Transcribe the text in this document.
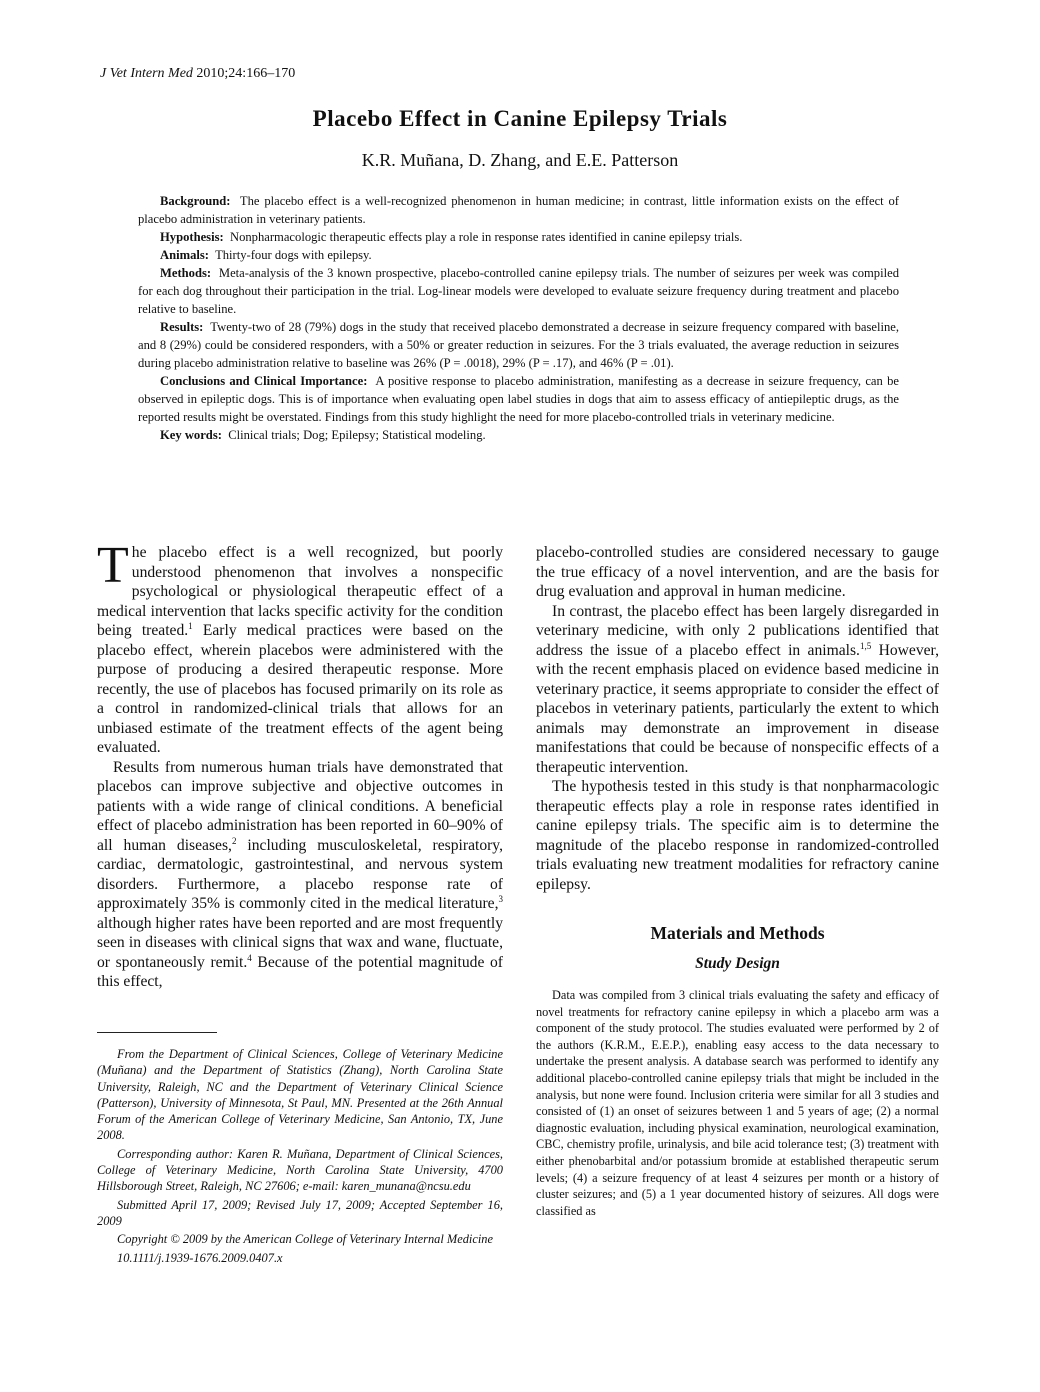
J Vet Intern Med 2010;24:166–170
Placebo Effect in Canine Epilepsy Trials
K.R. Muñana, D. Zhang, and E.E. Patterson

Background: The placebo effect is a well-recognized phenomenon in human medicine; in contrast, little information exists on the effect of placebo administration in veterinary patients.

Hypothesis: Nonpharmacologic therapeutic effects play a role in response rates identified in canine epilepsy trials.

Animals: Thirty-four dogs with epilepsy.

Methods: Meta-analysis of the 3 known prospective, placebo-controlled canine epilepsy trials. The number of seizures per week was compiled for each dog throughout their participation in the trial. Log-linear models were developed to evaluate seizure frequency during treatment and placebo relative to baseline.

Results: Twenty-two of 28 (79%) dogs in the study that received placebo demonstrated a decrease in seizure frequency compared with baseline, and 8 (29%) could be considered responders, with a 50% or greater reduction in seizures. For the 3 trials evaluated, the average reduction in seizures during placebo administration relative to baseline was 26% (P = .0018), 29% (P = .17), and 46% (P = .01).

Conclusions and Clinical Importance: A positive response to placebo administration, manifesting as a decrease in seizure frequency, can be observed in epileptic dogs. This is of importance when evaluating open label studies in dogs that aim to assess efficacy of antiepileptic drugs, as the reported results might be overstated. Findings from this study highlight the need for more placebo-controlled trials in veterinary medicine.

Key words: Clinical trials; Dog; Epilepsy; Statistical modeling.

The placebo effect is a well recognized, but poorly understood phenomenon that involves a nonspecific psychological or physiological therapeutic effect of a medical intervention that lacks specific activity for the condition being treated.$^1$ Early medical practices were based on the placebo effect, wherein placebos were administered with the purpose of producing a desired therapeutic response. More recently, the use of placebos has focused primarily on its role as a control in randomized-clinical trials that allows for an unbiased estimate of the treatment effects of the agent being evaluated.

Results from numerous human trials have demonstrated that placebos can improve subjective and objective outcomes in patients with a wide range of clinical conditions. A beneficial effect of placebo administration has been reported in 60–90% of all human diseases,$^2$ including musculoskeletal, respiratory, cardiac, dermatologic, gastrointestinal, and nervous system disorders. Furthermore, a placebo response rate of approximately 35% is commonly cited in the medical literature,$^3$ although higher rates have been reported and are most frequently seen in diseases with clinical signs that wax and wane, fluctuate, or spontaneously remit.$^4$ Because of the potential magnitude of this effect,

From the Department of Clinical Sciences, College of Veterinary Medicine (Muñana) and the Department of Statistics (Zhang), North Carolina State University, Raleigh, NC and the Department of Veterinary Clinical Science (Patterson), University of Minnesota, St Paul, MN. Presented at the 26th Annual Forum of the American College of Veterinary Medicine, San Antonio, TX, June 2008.

Corresponding author: Karen R. Muñana, Department of Clinical Sciences, College of Veterinary Medicine, North Carolina State University, 4700 Hillsborough Street, Raleigh, NC 27606; e-mail: karen_munana@ncsu.edu

Submitted April 17, 2009; Revised July 17, 2009; Accepted September 16, 2009

Copyright © 2009 by the American College of Veterinary Internal Medicine

10.1111/j.1939-1676.2009.0407.x

placebo-controlled studies are considered necessary to gauge the true efficacy of a novel intervention, and are the basis for drug evaluation and approval in human medicine.

In contrast, the placebo effect has been largely disregarded in veterinary medicine, with only 2 publications identified that address the issue of a placebo effect in animals.$^{1,5}$ However, with the recent emphasis placed on evidence based medicine in veterinary practice, it seems appropriate to consider the effect of placebos in veterinary patients, particularly the extent to which animals may demonstrate an improvement in disease manifestations that could be because of nonspecific effects of a therapeutic intervention.

The hypothesis tested in this study is that nonpharmacologic therapeutic effects play a role in response rates identified in canine epilepsy trials. The specific aim is to determine the magnitude of the placebo response in randomized-controlled trials evaluating new treatment modalities for refractory canine epilepsy.

Materials and Methods
Study Design

Data was compiled from 3 clinical trials evaluating the safety and efficacy of novel treatments for refractory canine epilepsy in which a placebo arm was a component of the study protocol. The studies evaluated were performed by 2 of the authors (K.R.M., E.E.P.), enabling easy access to the data necessary to undertake the present analysis. A database search was performed to identify any additional placebo-controlled canine epilepsy trials that might be included in the analysis, but none were found. Inclusion criteria were similar for all 3 studies and consisted of (1) an onset of seizures between 1 and 5 years of age; (2) a normal diagnostic evaluation, including physical examination, neurological examination, CBC, chemistry profile, urinalysis, and bile acid tolerance test; (3) treatment with either phenobarbital and/or potassium bromide at established therapeutic serum levels; (4) a seizure frequency of at least 4 seizures per month or a history of cluster seizures; and (5) a 1 year documented history of seizures. All dogs were classified as
